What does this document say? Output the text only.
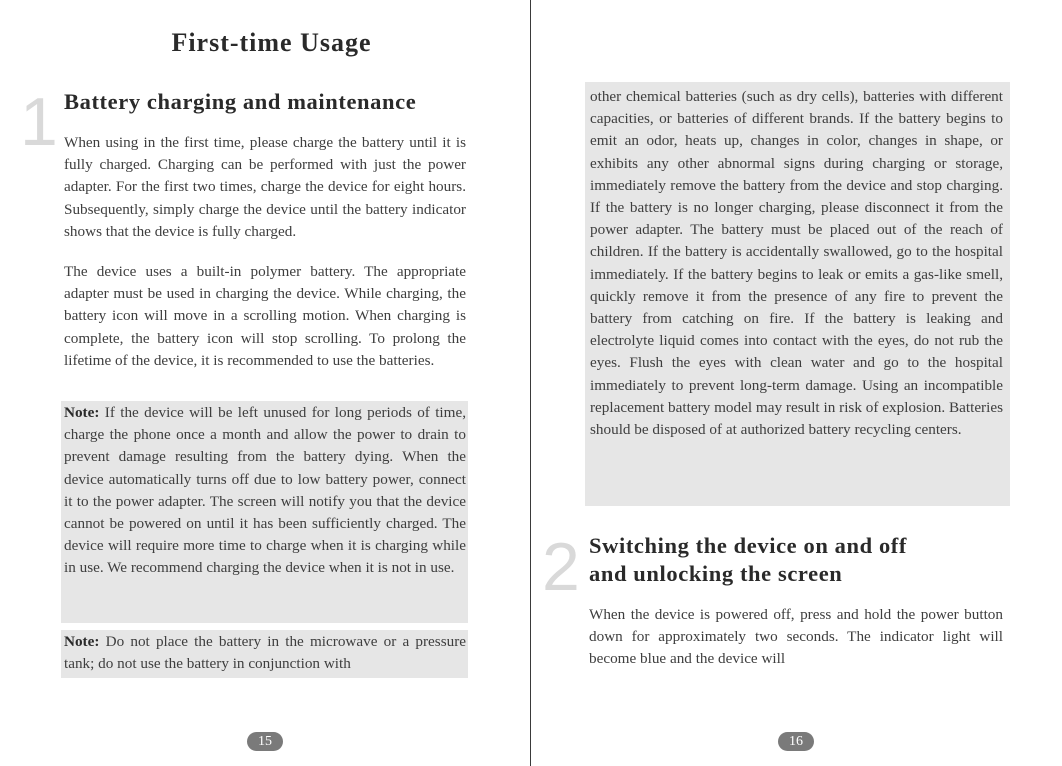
First-time Usage
1 Battery charging and maintenance

When using in the first time, please charge the battery until it is fully charged. Charging can be performed with just the power adapter. For the first two times, charge the device for eight hours. Subsequently, simply charge the device until the battery indicator shows that the device is fully charged.

The device uses a built-in polymer battery. The appropriate adapter must be used in charging the device. While charging, the battery icon will move in a scrolling motion. When charging is complete, the battery icon will stop scrolling. To prolong the lifetime of the device, it is recommended to use the batteries.

Note: If the device will be left unused for long periods of time, charge the phone once a month and allow the power to drain to prevent damage resulting from the battery dying. When the device automatically turns off due to low battery power, connect it to the power adapter. The screen will notify you that the device cannot be powered on until it has been sufficiently charged. The device will require more time to charge when it is charging while in use. We recommend charging the device when it is not in use.

Note: Do not place the battery in the microwave or a pressure tank; do not use the battery in conjunction with

15

other chemical batteries (such as dry cells), batteries with different capacities, or batteries of different brands. If the battery begins to emit an odor, heats up, changes in color, changes in shape, or exhibits any other abnormal signs during charging or storage, immediately remove the battery from the device and stop charging. If the battery is no longer charging, please disconnect it from the power adapter. The battery must be placed out of the reach of children. If the battery is accidentally swallowed, go to the hospital immediately. If the battery begins to leak or emits a gas-like smell, quickly remove it from the presence of any fire to prevent the battery from catching on fire. If the battery is leaking and electrolyte liquid comes into contact with the eyes, do not rub the eyes. Flush the eyes with clean water and go to the hospital immediately to prevent long-term damage. Using an incompatible replacement battery model may result in risk of explosion. Batteries should be disposed of at authorized battery recycling centers.

2 Switching the device on and off
and unlocking the screen

When the device is powered off, press and hold the power button down for approximately two seconds. The indicator light will become blue and the device will

16
